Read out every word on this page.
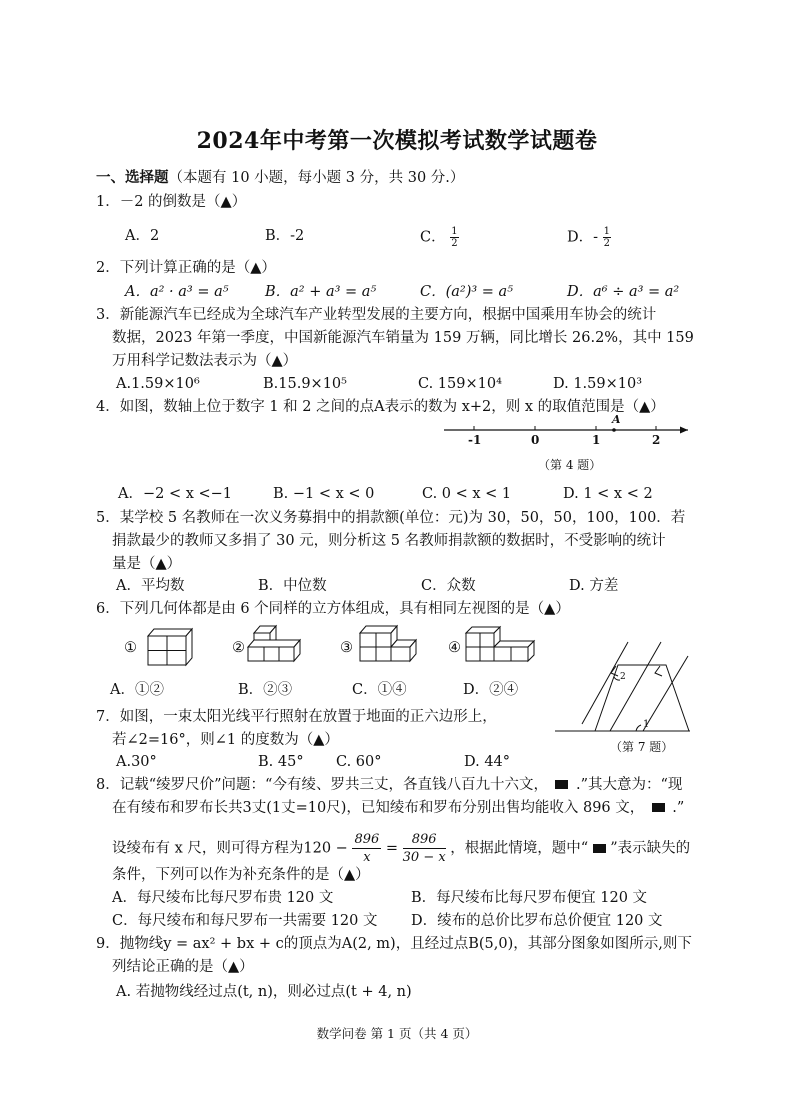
2024年中考第一次模拟考试数学试题卷
一、选择题（本题有 10 小题，每小题 3 分，共 30 分.）
1．－2 的倒数是（▲）
A．2	B．-2	C． $\frac{1}{2}$	D．- $\frac{1}{2}$
2．下列计算正确的是（▲）
A．a² · a³ = a⁵	B．a² + a³ = a⁵	C．(a²)³ = a⁵	D．a⁶ ÷ a³ = a²
3．新能源汽车已经成为全球汽车产业转型发展的主要方向，根据中国乘用车协会的统计
数据，2023 年第一季度，中国新能源汽车销量为 159 万辆，同比增长 26.2%，其中 159
万用科学记数法表示为（▲）
A.1.59×10⁶	B.15.9×10⁵	C. 159×10⁴	D. 1.59×10³
4．如图，数轴上位于数字 1 和 2 之间的点A表示的数为 x+2，则 x 的取值范围是（▲）
-1	0	1	2
A
（第 4 题）
A．−2 < x <−1	B. −1 < x < 0	C. 0 < x < 1	D. 1 < x < 2
5．某学校 5 名教师在一次义务募捐中的捐款额(单位：元)为 30，50，50，100，100．若
捐款最少的教师又多捐了 30 元，则分析这 5 名教师捐款额的数据时，不受影响的统计
量是（▲）
A．平均数	B．中位数	C．众数	D. 方差
6．下列几何体都是由 6 个同样的立方体组成，具有相同左视图的是（▲）
①	②	③	④
A．①②	B．②③	C．①④	D．②④
1
2
（第 7 题）
7．如图，一束太阳光线平行照射在放置于地面的正六边形上，
若∠2=16°，则∠1 的度数为（▲）
A.30°	B. 45° C. 60°	D. 44°
8．记载“绫罗尺价”问题：“今有绫、罗共三丈，各直钱八百九十六文， .”其大意为：“现
在有绫布和罗布长共3丈(1丈=10尺)，已知绫布和罗布分别出售均能收入 896 文， .”
设绫布有 x 尺，则可得方程为$120 - \frac{896}{x} = \frac{896}{30 - x}$ ，根据此情境，题中“ ”表示缺失的
条件，下列可以作为补充条件的是（▲）
A．每尺绫布比每尺罗布贵 120 文	B．每尺绫布比每尺罗布便宜 120 文
C．每尺绫布和每尺罗布一共需要 120 文 D．绫布的总价比罗布总价便宜 120 文
9．抛物线y = ax² + bx + c的顶点为A(2, m)，且经过点B(5,0)，其部分图象如图所示,则下
列结论正确的是（▲）
A. 若抛物线经过点(t, n)，则必过点(t + 4, n)
数学问卷 第 1 页（共 4 页）
